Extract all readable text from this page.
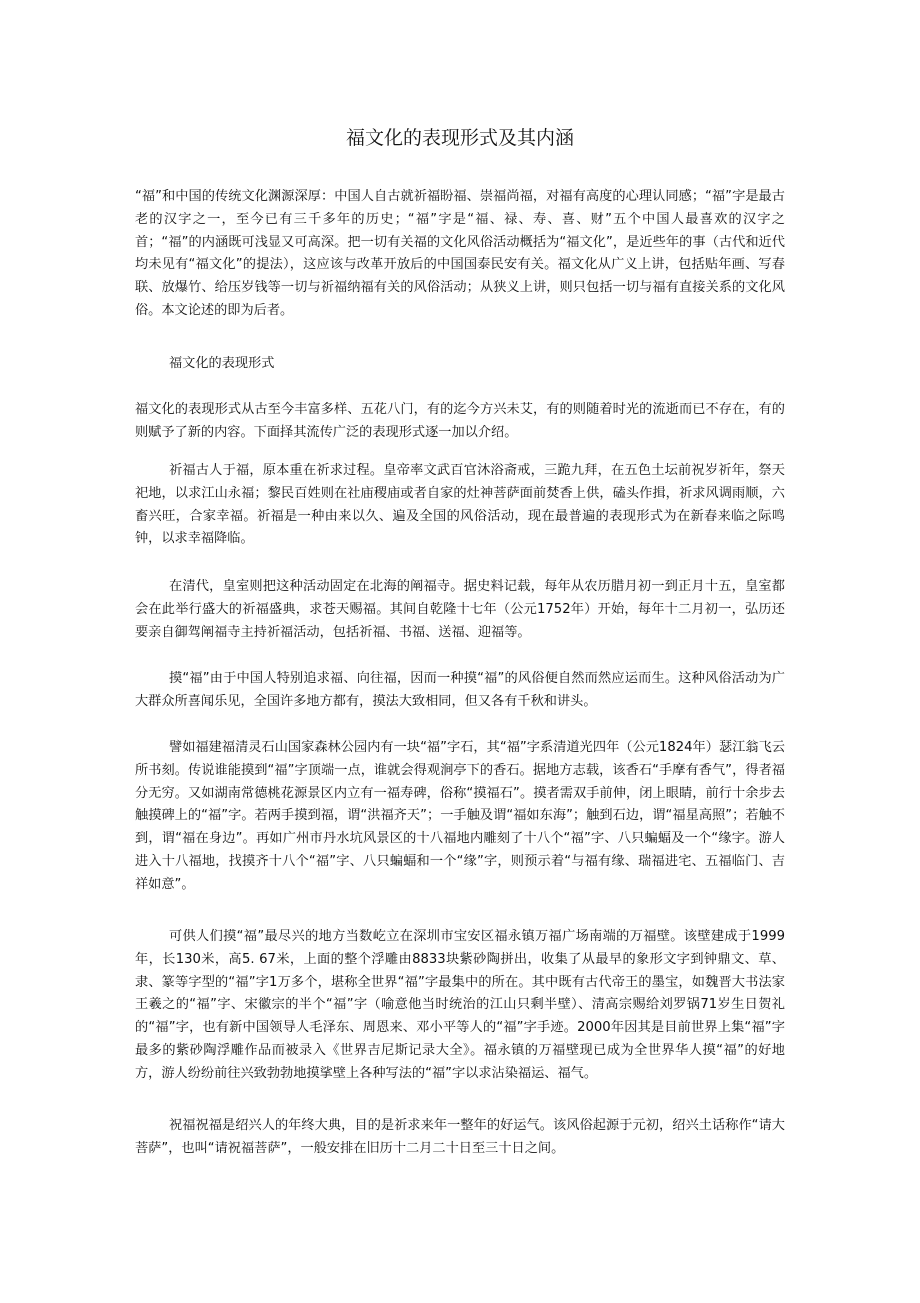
福文化的表现形式及其内涵

“福”和中国的传统文化渊源深厚：中国人自古就祈福盼福、崇福尚福，对福有高度的心理认同感；“福”字是最古老的汉字之一，至今已有三千多年的历史；“福”字是“福、禄、寿、喜、财”五个中国人最喜欢的汉字之首；“福”的内涵既可浅显又可高深。把一切有关福的文化风俗活动概括为“福文化”，是近些年的事（古代和近代均未见有“福文化”的提法），这应该与改革开放后的中国国泰民安有关。福文化从广义上讲，包括贴年画、写春联、放爆竹、给压岁钱等一切与祈福纳福有关的风俗活动；从狭义上讲，则只包括一切与福有直接关系的文化风俗。本文论述的即为后者。

福文化的表现形式

福文化的表现形式从古至今丰富多样、五花八门，有的迄今方兴未艾，有的则随着时光的流逝而已不存在，有的则赋予了新的内容。下面择其流传广泛的表现形式逐一加以介绍。

祈福古人于福，原本重在祈求过程。皇帝率文武百官沐浴斋戒，三跪九拜，在五色土坛前祝岁祈年，祭天祀地，以求江山永福；黎民百姓则在社庙稷庙或者自家的灶神菩萨面前焚香上供，磕头作揖，祈求风调雨顺，六畜兴旺，合家幸福。祈福是一种由来以久、遍及全国的风俗活动，现在最普遍的表现形式为在新春来临之际鸣钟，以求幸福降临。

在清代，皇室则把这种活动固定在北海的阐福寺。据史料记载，每年从农历腊月初一到正月十五，皇室都会在此举行盛大的祈福盛典，求苍天赐福。其间自乾隆十七年（公元1752年）开始，每年十二月初一，弘历还要亲自御驾阐福寺主持祈福活动，包括祈福、书福、送福、迎福等。

摸“福”由于中国人特别追求福、向往福，因而一种摸“福”的风俗便自然而然应运而生。这种风俗活动为广大群众所喜闻乐见，全国许多地方都有，摸法大致相同，但又各有千秋和讲头。

譬如福建福清灵石山国家森林公园内有一块“福”字石，其“福”字系清道光四年（公元1824年）瑟江翁飞云所书刻。传说谁能摸到“福”字顶端一点，谁就会得观涧亭下的香石。据地方志载，该香石“手摩有香气”，得者福分无穷。又如湖南常德桃花源景区内立有一福寿碑，俗称“摸福石”。摸者需双手前伸，闭上眼睛，前行十余步去触摸碑上的“福”字。若两手摸到福，谓“洪福齐天”；一手触及谓“福如东海”；触到石边，谓“福星高照”；若触不到，谓“福在身边”。再如广州市丹水坑风景区的十八福地内雕刻了十八个“福”字、八只蝙蝠及一个“缘字。游人进入十八福地，找摸齐十八个“福”字、八只蝙蝠和一个“缘”字，则预示着“与福有缘、瑞福进宅、五福临门、吉祥如意”。

可供人们摸“福”最尽兴的地方当数屹立在深圳市宝安区福永镇万福广场南端的万福壁。该壁建成于1999年，长130米，高5. 67米，上面的整个浮雕由8833块紫砂陶拼出，收集了从最早的象形文字到钟鼎文、草、隶、篆等字型的“福”字1万多个，堪称全世界“福”字最集中的所在。其中既有古代帝王的墨宝，如魏晋大书法家王羲之的“福”字、宋徽宗的半个“福”字（喻意他当时统治的江山只剩半壁）、清高宗赐给刘罗锅71岁生日贺礼的“福”字，也有新中国领导人毛泽东、周恩来、邓小平等人的“福”字手迹。2000年因其是目前世界上集“福”字最多的紫砂陶浮雕作品而被录入《世界吉尼斯记录大全》。福永镇的万福壁现已成为全世界华人摸“福”的好地方，游人纷纷前往兴致勃勃地摸挲壁上各种写法的“福”字以求沾染福运、福气。

祝福祝福是绍兴人的年终大典，目的是祈求来年一整年的好运气。该风俗起源于元初，绍兴土话称作“请大菩萨”，也叫“请祝福菩萨”，一般安排在旧历十二月二十日至三十日之间。
